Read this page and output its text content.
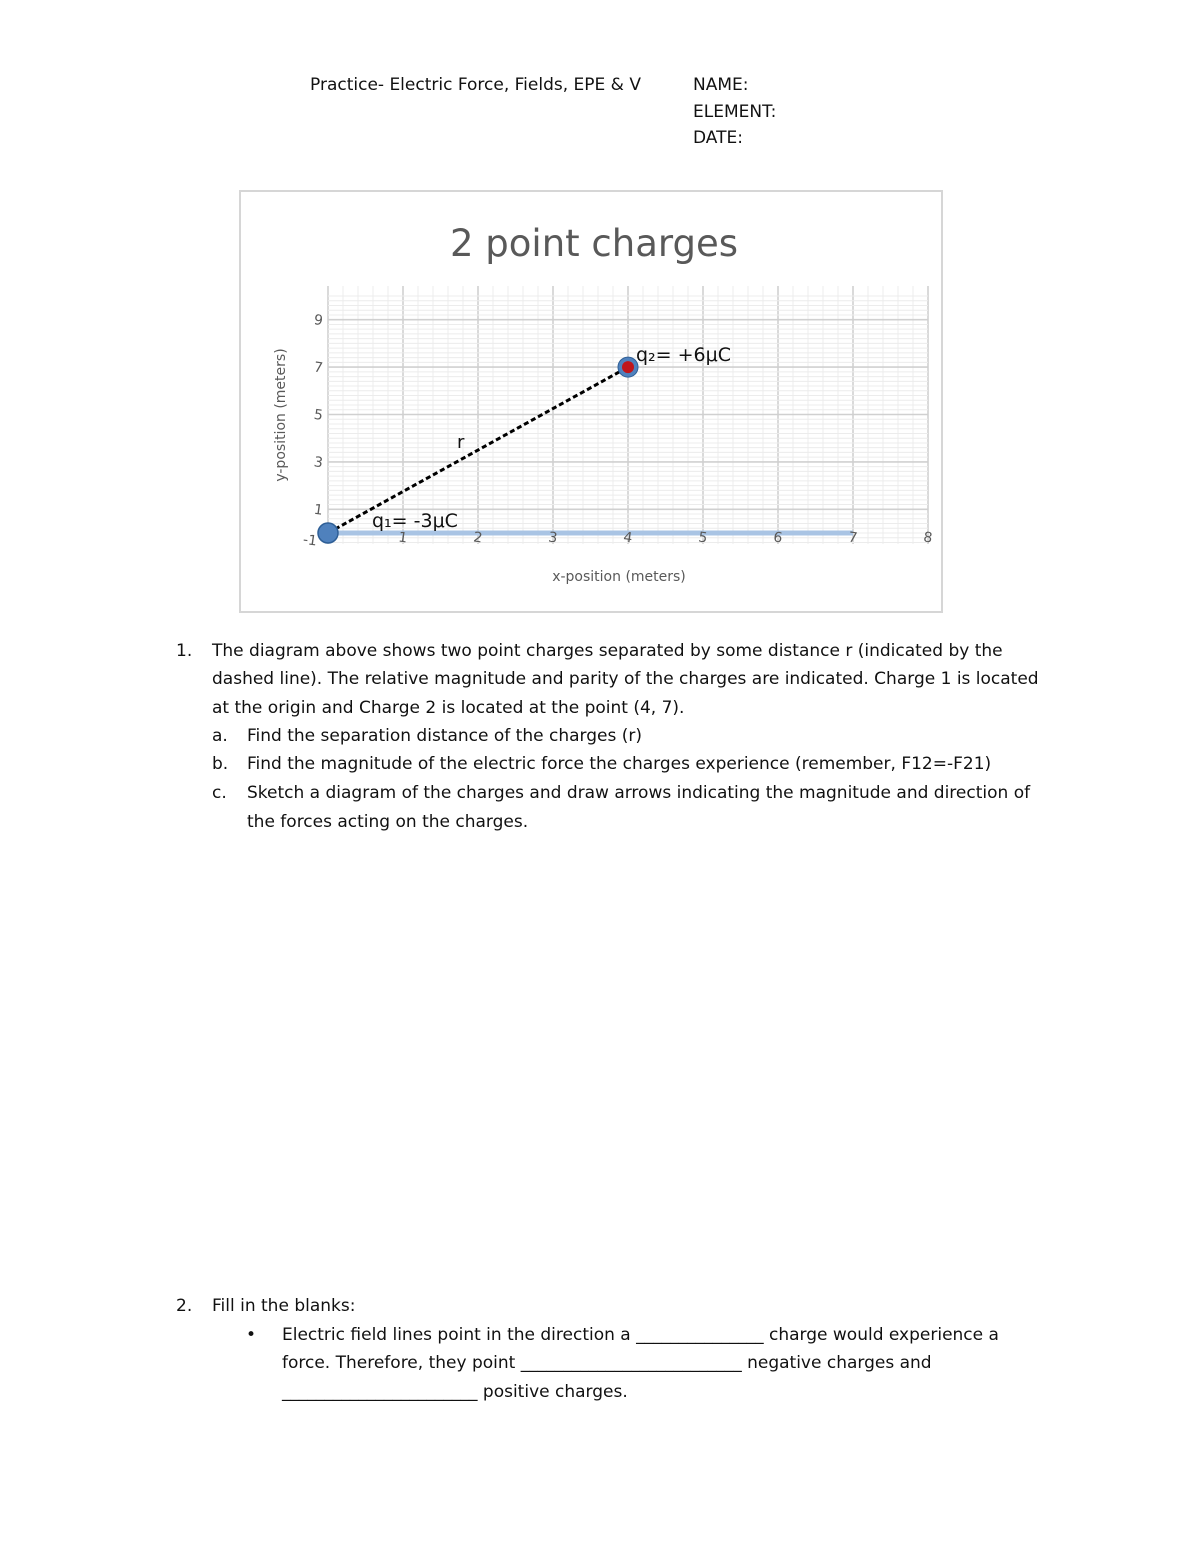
Practice- Electric Force, Fields, EPE & V	NAME:
ELEMENT:
DATE:
2 point charges
1	2	3	4	5	6	7	8
-1
1
3
5
7
9
r
q₁= -3μC
q₂= +6μC
x-position (meters)
y-position (meters)
1. The diagram above shows two point charges separated by some distance r (indicated by the
dashed line). The relative magnitude and parity of the charges are indicated. Charge 1 is located
at the origin and Charge 2 is located at the point (4, 7).
a. Find the separation distance of the charges (r)
b. Find the magnitude of the electric force the charges experience (remember, F12=-F21)
c. Sketch a diagram of the charges and draw arrows indicating the magnitude and direction of
the forces acting on the charges.
2. Fill in the blanks:
• Electric field lines point in the direction a _______________ charge would experience a
force. Therefore, they point __________________________ negative charges and
_______________________ positive charges.
